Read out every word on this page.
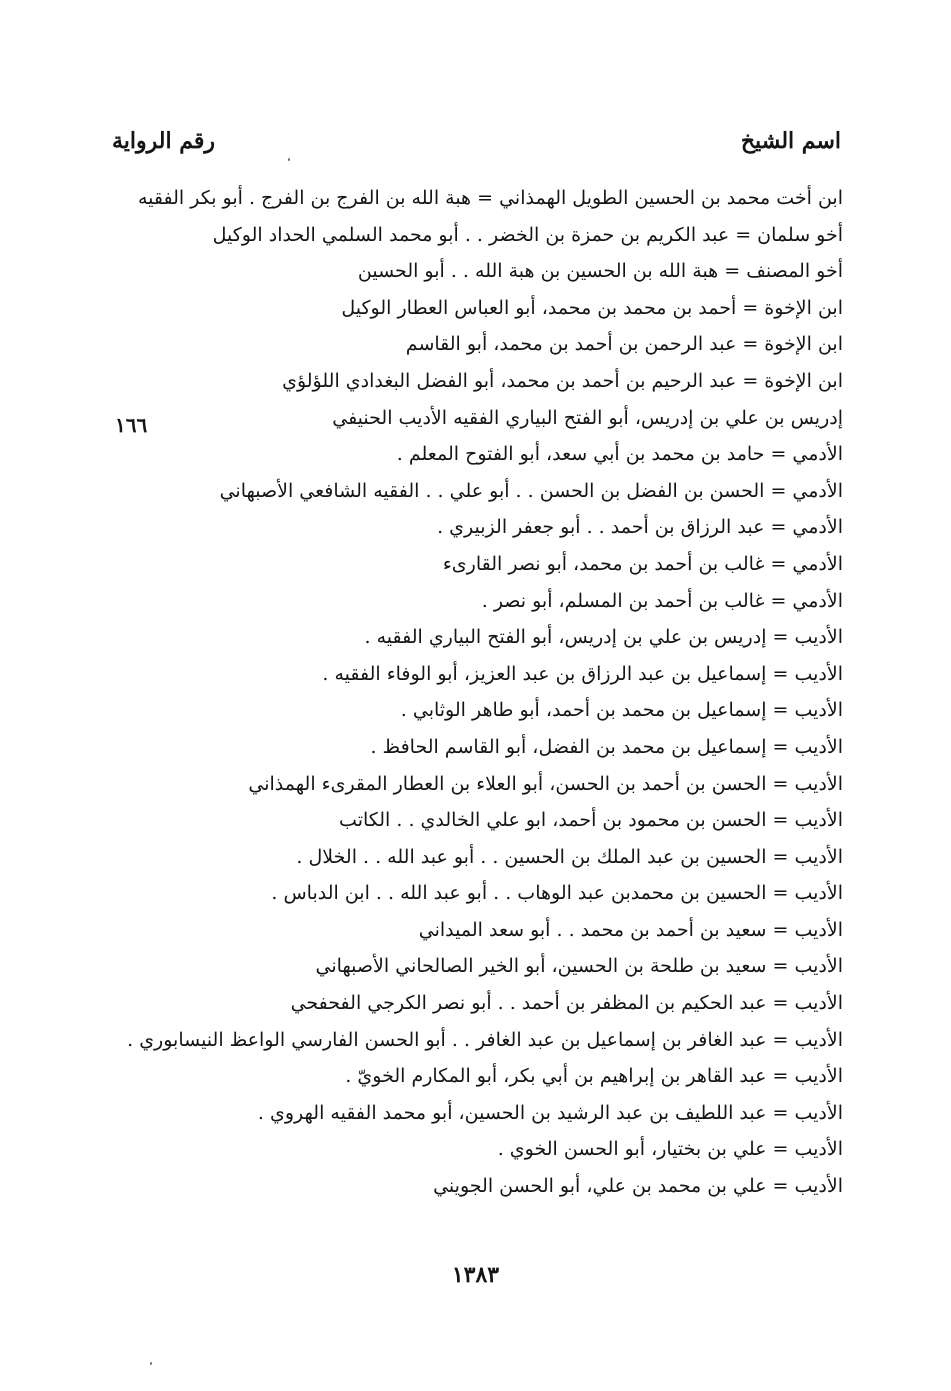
اسم الشيخ
رقم الرواية
ابن أخت محمد بن الحسين الطويل الهمذاني = هبة الله بن الفرج بن الفرج . أبو بكر الفقيه
أخو سلمان = عبد الكريم بن حمزة بن الخضر . . أبو محمد السلمي الحداد الوكيل
أخو المصنف = هبة الله بن الحسين بن هبة الله . . أبو الحسين
ابن الإخوة = أحمد بن محمد بن محمد، أبو العباس العطار الوكيل
ابن الإخوة = عبد الرحمن بن أحمد بن محمد، أبو القاسم
ابن الإخوة = عبد الرحيم بن أحمد بن محمد، أبو الفضل البغدادي اللؤلؤي
إدريس بن علي بن إدريس، أبو الفتح البياري الفقيه الأديب الحنيفي
الأدمي = حامد بن محمد بن أبي سعد، أبو الفتوح المعلم .
الأدمي = الحسن بن الفضل بن الحسن . . أبو علي . . الفقيه الشافعي الأصبهاني
الأدمي = عبد الرزاق بن أحمد . . أبو جعفر الزبيري .
الأدمي = غالب بن أحمد بن محمد، أبو نصر القارىء
الأدمي = غالب بن أحمد بن المسلم، أبو نصر .
الأديب = إدريس بن علي بن إدريس، أبو الفتح البياري الفقيه .
الأديب = إسماعيل بن عبد الرزاق بن عبد العزيز، أبو الوفاء الفقيه .
الأديب = إسماعيل بن محمد بن أحمد، أبو طاهر الوثابي .
الأديب = إسماعيل بن محمد بن الفضل، أبو القاسم الحافظ .
الأديب = الحسن بن أحمد بن الحسن، أبو العلاء بن العطار المقرىء الهمذاني
الأديب = الحسن بن محمود بن أحمد، ابو علي الخالدي . . الكاتب
الأديب = الحسين بن عبد الملك بن الحسين . . أبو عبد الله . . الخلال .
الأديب = الحسين بن محمدبن عبد الوهاب . . أبو عبد الله . . ابن الدباس .
الأديب = سعيد بن أحمد بن محمد . . أبو سعد الميداني
الأديب = سعيد بن طلحة بن الحسين، أبو الخير الصالحاني الأصبهاني
الأديب = عبد الحكيم بن المظفر بن أحمد . . أبو نصر الكرجي الفحفحي
الأديب = عبد الغافر بن إسماعيل بن عبد الغافر . . أبو الحسن الفارسي الواعظ النيسابوري .
الأديب = عبد القاهر بن إبراهيم بن أبي بكر، أبو المكارم الخويّ .
الأديب = عبد اللطيف بن عبد الرشيد بن الحسين، أبو محمد الفقيه الهروي .
الأديب = علي بن بختيار، أبو الحسن الخوي .
الأديب = علي بن محمد بن علي، أبو الحسن الجويني
١٦٦
١٣٨٣
